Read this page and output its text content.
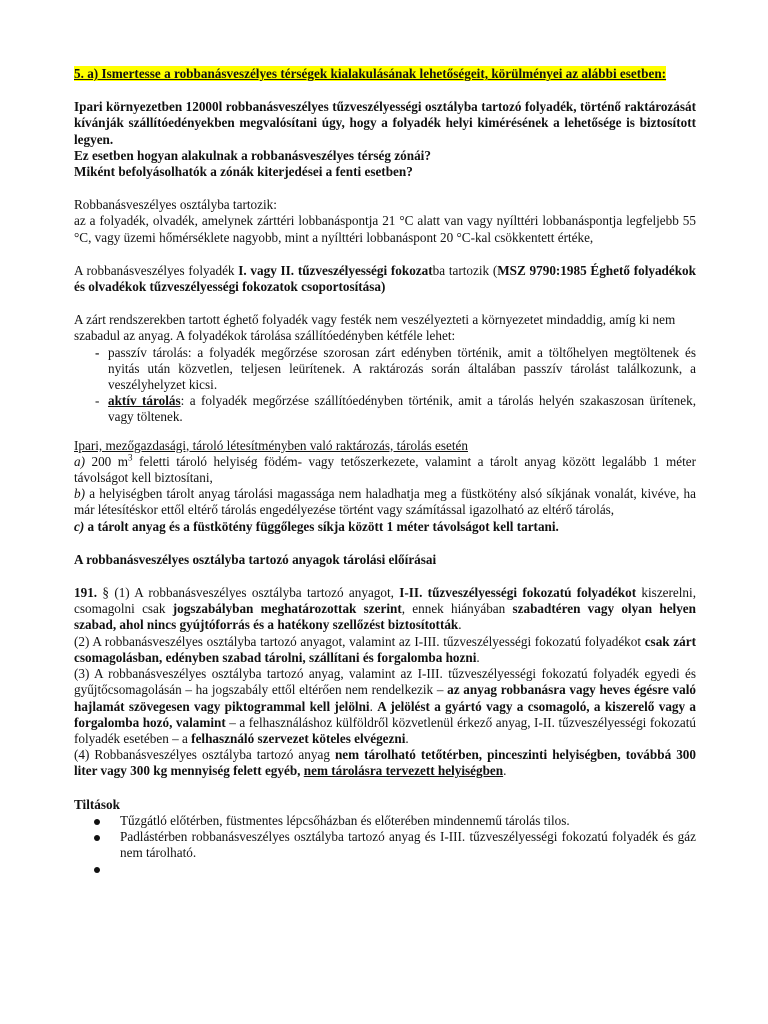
5. a) Ismertesse a robbanásveszélyes térségek kialakulásának lehetőségeit, körülményei az alábbi esetben:

Ipari környezetben 12000l robbanásveszélyes tűzveszélyességi osztályba tartozó folyadék, történő raktározását kívánják szállítóedényekben megvalósítani úgy, hogy a folyadék helyi kimérésének a lehetősége is biztosított legyen.

Ez esetben hogyan alakulnak a robbanásveszélyes térség zónái?

Miként befolyásolhatók a zónák kiterjedései a fenti esetben?

Robbanásveszélyes osztályba tartozik:

az a folyadék, olvadék, amelynek zárttéri lobbanáspontja 21 °C alatt van vagy nyílttéri lobbanáspontja legfeljebb 55 °C, vagy üzemi hőmérséklete nagyobb, mint a nyílttéri lobbanáspont 20 °C-kal csökkentett értéke,

A robbanásveszélyes folyadék I. vagy II. tűzveszélyességi fokozatba tartozik (MSZ 9790:1985 Éghető folyadékok és olvadékok tűzveszélyességi fokozatok csoportosítása)

A zárt rendszerekben tartott éghető folyadék vagy festék nem veszélyezteti a környezetet mindaddig, amíg ki nem szabadul az anyag. A folyadékok tárolása szállítóedényben kétféle lehet:

- passzív tárolás: a folyadék megőrzése szorosan zárt edényben történik, amit a töltőhelyen megtöltenek és nyitás után közvetlen, teljesen leürítenek. A raktározás során általában passzív tárolást találkozunk, a veszélyhelyzet kicsi.
- aktív tárolás: a folyadék megőrzése szállítóedényben történik, amit a tárolás helyén szakaszosan ürítenek, vagy töltenek.

Ipari, mezőgazdasági, tároló létesítményben való raktározás, tárolás esetén

a) 200 $m^3$ feletti tároló helyiség födém- vagy tetőszerkezete, valamint a tárolt anyag között legalább 1 méter távolságot kell biztosítani,

b) a helyiségben tárolt anyag tárolási magassága nem haladhatja meg a füstkötény alsó síkjának vonalát, kivéve, ha már létesítéskor ettől eltérő tárolás engedélyezése történt vagy számítással igazolható az eltérő tárolás,

c) a tárolt anyag és a füstkötény függőleges síkja között 1 méter távolságot kell tartani.

A robbanásveszélyes osztályba tartozó anyagok tárolási előírásai

191. § (1) A robbanásveszélyes osztályba tartozó anyagot, I-II. tűzveszélyességi fokozatú folyadékot kiszerelni, csomagolni csak jogszabályban meghatározottak szerint, ennek hiányában szabadtéren vagy olyan helyen szabad, ahol nincs gyújtóforrás és a hatékony szellőzést biztosították.

(2) A robbanásveszélyes osztályba tartozó anyagot, valamint az I-III. tűzveszélyességi fokozatú folyadékot csak zárt csomagolásban, edényben szabad tárolni, szállítani és forgalomba hozni.

(3) A robbanásveszélyes osztályba tartozó anyag, valamint az I-III. tűzveszélyességi fokozatú folyadék egyedi és gyűjtőcsomagolásán – ha jogszabály ettől eltérően nem rendelkezik – az anyag robbanásra vagy heves égésre való hajlamát szövegesen vagy piktogrammal kell jelölni. A jelölést a gyártó vagy a csomagoló, a kiszerelő vagy a forgalomba hozó, valamint – a felhasználáshoz külföldről közvetlenül érkező anyag, I-II. tűzveszélyességi fokozatú folyadék esetében – a felhasználó szervezet köteles elvégezni.

(4) Robbanásveszélyes osztályba tartozó anyag nem tárolható tetőtérben, pinceszinti helyiségben, továbbá 300 liter vagy 300 kg mennyiség felett egyéb, nem tárolásra tervezett helyiségben.

Tiltások

Tűzgátló előtérben, füstmentes lépcsőházban és előterében mindennemű tárolás tilos.
Padlástérben robbanásveszélyes osztályba tartozó anyag és I-III. tűzveszélyességi fokozatú folyadék és gáz nem tárolható.
